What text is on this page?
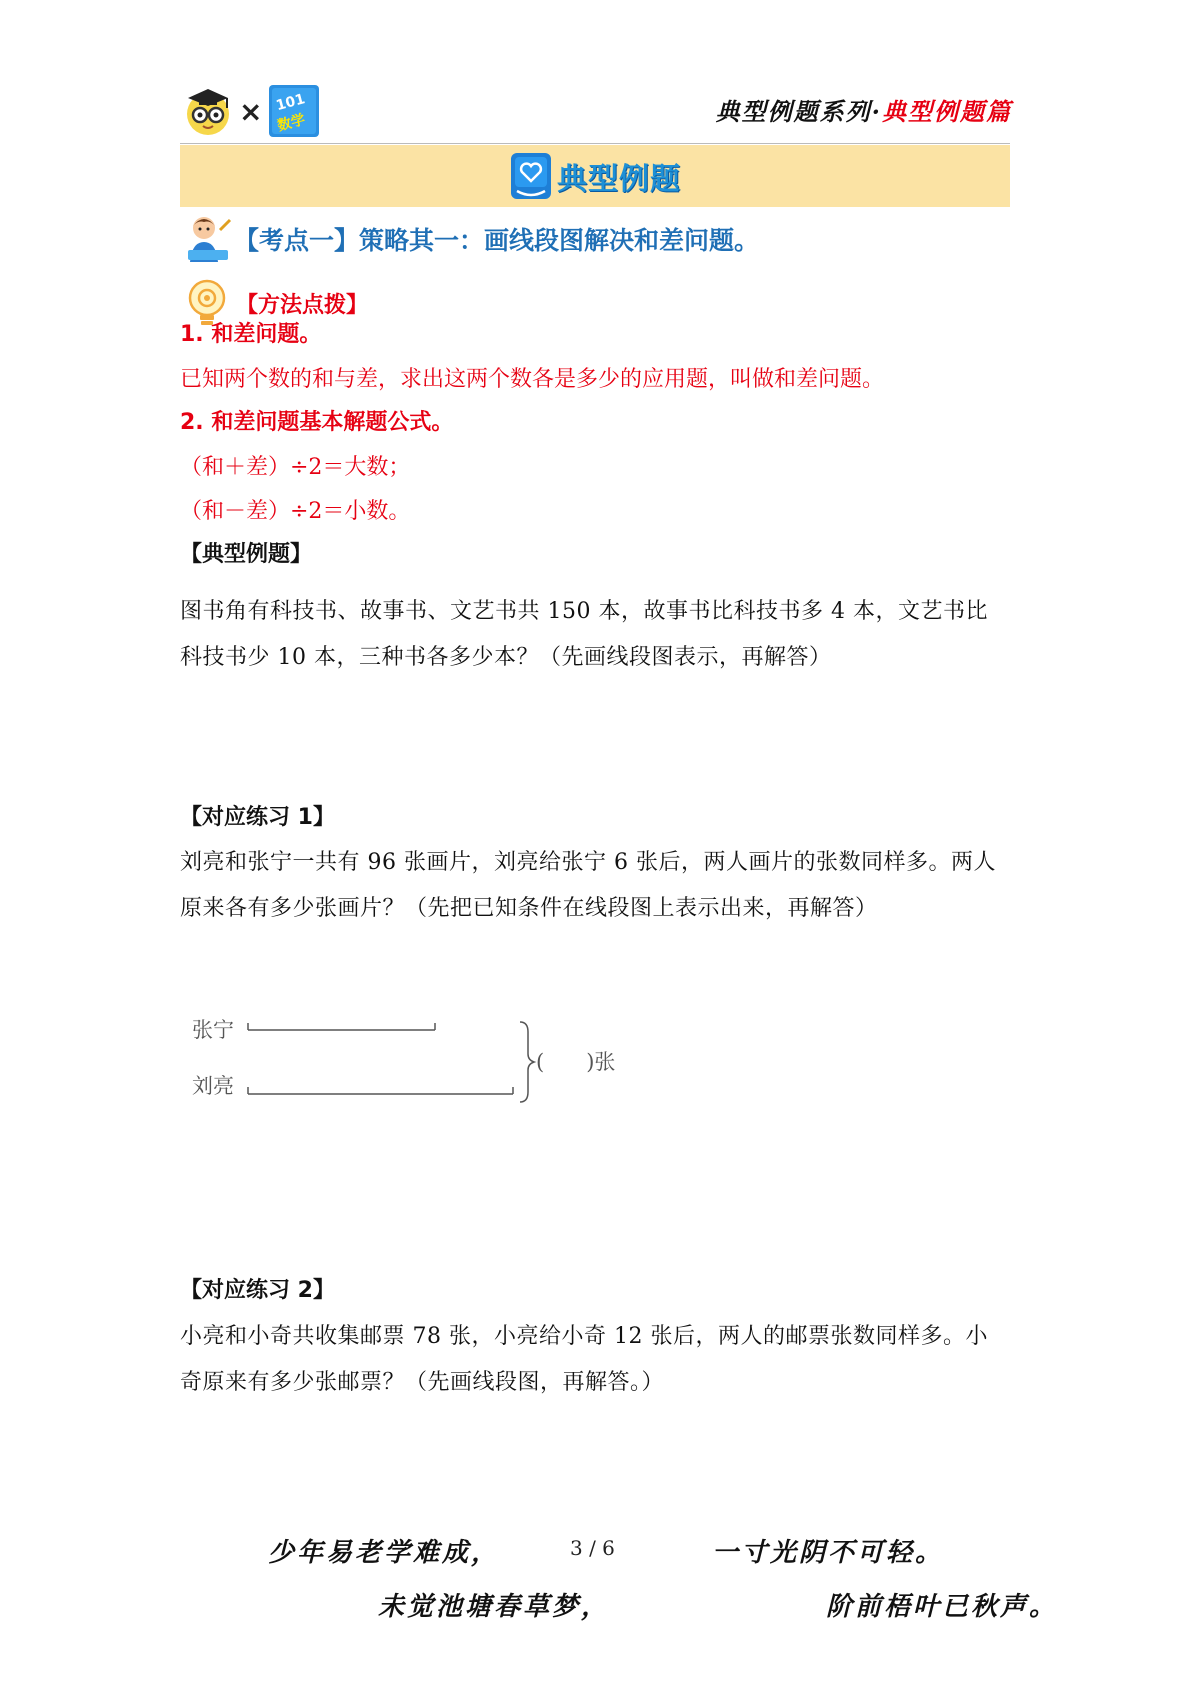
× 101
数学	典型例题系列·典型例题篇
典型例题
【考点一】策略其一：画线段图解决和差问题。
【方法点拨】
1. 和差问题。
已知两个数的和与差，求出这两个数各是多少的应用题，叫做和差问题。
2. 和差问题基本解题公式。
（和＋差）÷2＝大数；
（和－差）÷2＝小数。
【典型例题】
图书角有科技书、故事书、文艺书共 150 本，故事书比科技书多 4 本，文艺书比科技书少 10 本，三种书各多少本？（先画线段图表示，再解答）
【对应练习 1】
刘亮和张宁一共有 96 张画片，刘亮给张宁 6 张后，两人画片的张数同样多。两人原来各有多少张画片？（先把已知条件在线段图上表示出来，再解答）
张宁
刘亮
(　　)张
【对应练习 2】
小亮和小奇共收集邮票 78 张，小亮给小奇 12 张后，两人的邮票张数同样多。小奇原来有多少张邮票？（先画线段图，再解答。）
少年易老学难成，	3 / 6	一寸光阴不可轻。
未觉池塘春草梦，	阶前梧叶已秋声。
